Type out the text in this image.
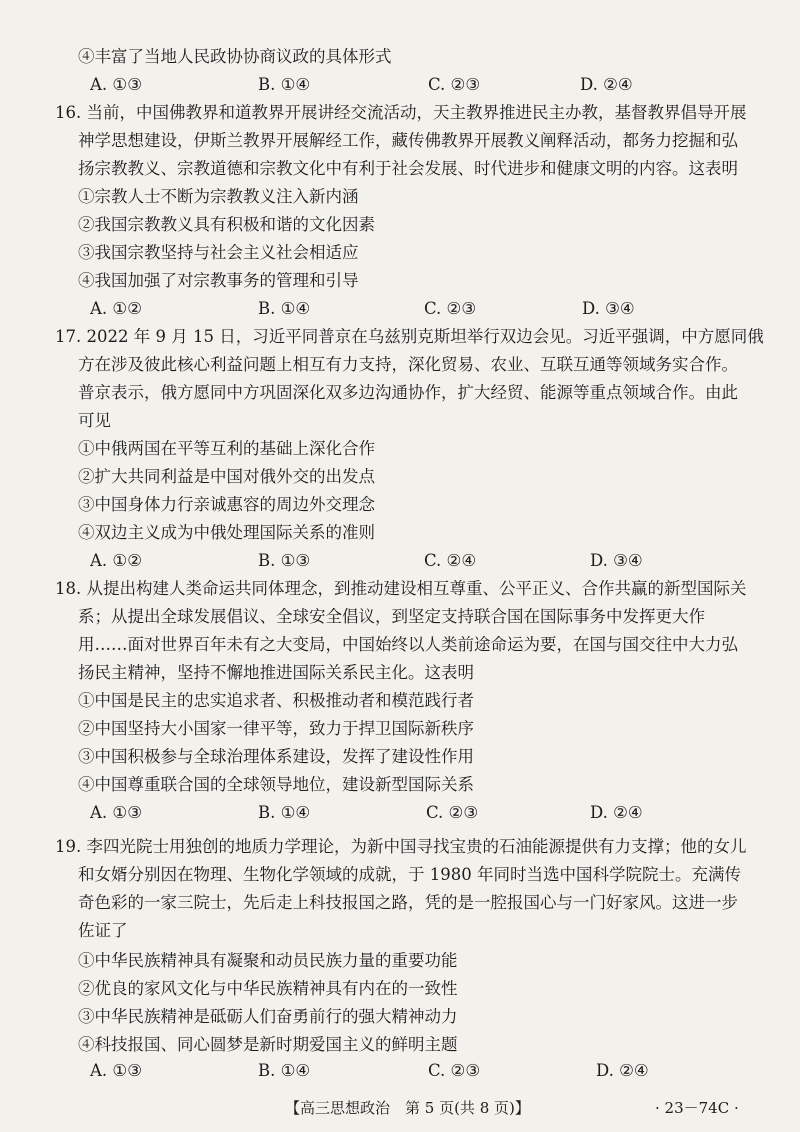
④丰富了当地人民政协协商议政的具体形式
A. ①③	B. ①④	C. ②③	D. ②④
16. 当前，中国佛教界和道教界开展讲经交流活动，天主教界推进民主办教，基督教界倡导开展
神学思想建设，伊斯兰教界开展解经工作，藏传佛教界开展教义阐释活动，都务力挖掘和弘
扬宗教教义、宗教道德和宗教文化中有利于社会发展、时代进步和健康文明的内容。这表明
①宗教人士不断为宗教教义注入新内涵
②我国宗教教义具有积极和谐的文化因素
③我国宗教坚持与社会主义社会相适应
④我国加强了对宗教事务的管理和引导
A. ①②	B. ①④	C. ②③	D. ③④
17. 2022 年 9 月 15 日，习近平同普京在乌兹别克斯坦举行双边会见。习近平强调，中方愿同俄
方在涉及彼此核心利益问题上相互有力支持，深化贸易、农业、互联互通等领域务实合作。
普京表示，俄方愿同中方巩固深化双多边沟通协作，扩大经贸、能源等重点领域合作。由此
可见
①中俄两国在平等互利的基础上深化合作
②扩大共同利益是中国对俄外交的出发点
③中国身体力行亲诚惠容的周边外交理念
④双边主义成为中俄处理国际关系的准则
A. ①②	B. ①③	C. ②④	D. ③④
18. 从提出构建人类命运共同体理念，到推动建设相互尊重、公平正义、合作共赢的新型国际关
系；从提出全球发展倡议、全球安全倡议，到坚定支持联合国在国际事务中发挥更大作
用……面对世界百年未有之大变局，中国始终以人类前途命运为要，在国与国交往中大力弘
扬民主精神，坚持不懈地推进国际关系民主化。这表明
①中国是民主的忠实追求者、积极推动者和模范践行者
②中国坚持大小国家一律平等，致力于捍卫国际新秩序
③中国积极参与全球治理体系建设，发挥了建设性作用
④中国尊重联合国的全球领导地位，建设新型国际关系
A. ①③	B. ①④	C. ②③	D. ②④
19. 李四光院士用独创的地质力学理论，为新中国寻找宝贵的石油能源提供有力支撑；他的女儿
和女婿分别因在物理、生物化学领域的成就，于 1980 年同时当选中国科学院院士。充满传
奇色彩的一家三院士，先后走上科技报国之路，凭的是一腔报国心与一门好家风。这进一步
佐证了
①中华民族精神具有凝聚和动员民族力量的重要功能
②优良的家风文化与中华民族精神具有内在的一致性
③中华民族精神是砥砺人们奋勇前行的强大精神动力
④科技报国、同心圆梦是新时期爱国主义的鲜明主题
A. ①③	B. ①④	C. ②③	D. ②④
【高三思想政治　第 5 页(共 8 页)】	· 23－74C ·
